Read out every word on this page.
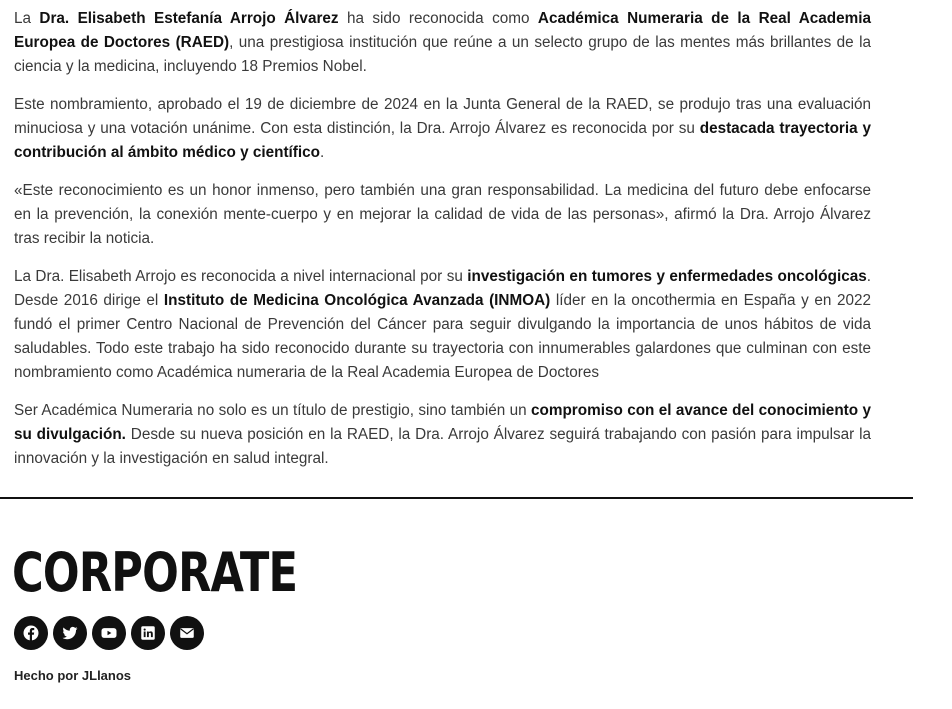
La Dra. Elisabeth Estefanía Arrojo Álvarez ha sido reconocida como Académica Numeraria de la Real Academia Europea de Doctores (RAED), una prestigiosa institución que reúne a un selecto grupo de las mentes más brillantes de la ciencia y la medicina, incluyendo 18 Premios Nobel.

Este nombramiento, aprobado el 19 de diciembre de 2024 en la Junta General de la RAED, se produjo tras una evaluación minuciosa y una votación unánime. Con esta distinción, la Dra. Arrojo Álvarez es reconocida por su destacada trayectoria y contribución al ámbito médico y científico.

«Este reconocimiento es un honor inmenso, pero también una gran responsabilidad. La medicina del futuro debe enfocarse en la prevención, la conexión mente-cuerpo y en mejorar la calidad de vida de las personas», afirmó la Dra. Arrojo Álvarez tras recibir la noticia.

La Dra. Elisabeth Arrojo es reconocida a nivel internacional por su investigación en tumores y enfermedades oncológicas. Desde 2016 dirige el Instituto de Medicina Oncológica Avanzada (INMOA) líder en la oncothermia en España y en 2022 fundó el primer Centro Nacional de Prevención del Cáncer para seguir divulgando la importancia de unos hábitos de vida saludables. Todo este trabajo ha sido reconocido durante su trayectoria con innumerables galardones que culminan con este nombramiento como Académica numeraria de la Real Academia Europea de Doctores

Ser Académica Numeraria no solo es un título de prestigio, sino también un compromiso con el avance del conocimiento y su divulgación. Desde su nueva posición en la RAED, la Dra. Arrojo Álvarez seguirá trabajando con pasión para impulsar la innovación y la investigación en salud integral.

CORPORATE
Hecho por JLlanos
